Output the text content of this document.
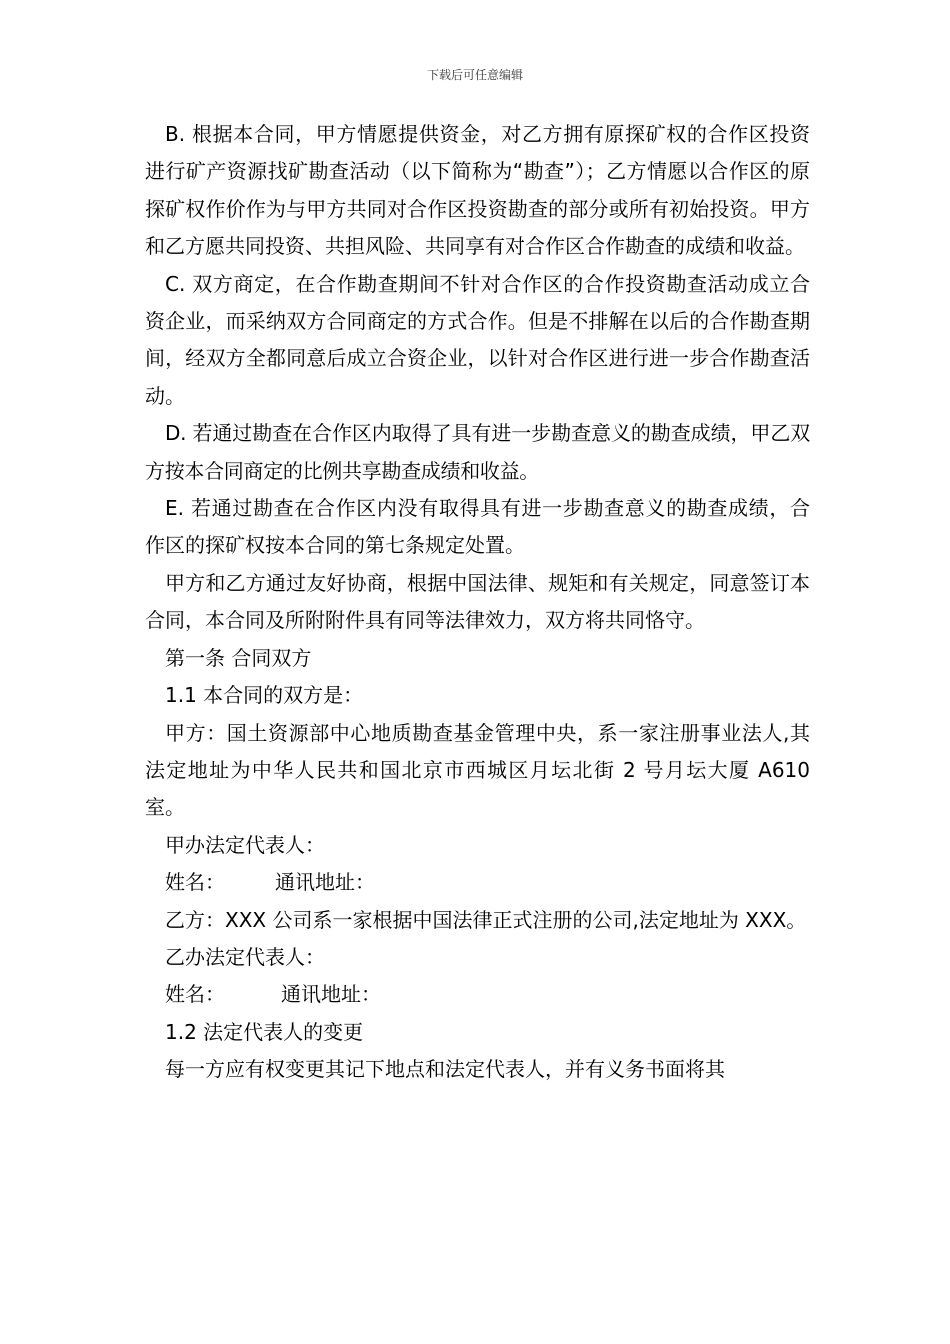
下载后可任意编辑

B. 根据本合同，甲方情愿提供资金，对乙方拥有原探矿权的合作区投资进行矿产资源找矿勘查活动（以下简称为“勘查”）；乙方情愿以合作区的原探矿权作价作为与甲方共同对合作区投资勘查的部分或所有初始投资。甲方和乙方愿共同投资、共担风险、共同享有对合作区合作勘查的成绩和收益。

C. 双方商定，在合作勘查期间不针对合作区的合作投资勘查活动成立合资企业，而采纳双方合同商定的方式合作。但是不排解在以后的合作勘查期间，经双方全都同意后成立合资企业，以针对合作区进行进一步合作勘查活动。

D. 若通过勘查在合作区内取得了具有进一步勘查意义的勘查成绩，甲乙双方按本合同商定的比例共享勘查成绩和收益。

E. 若通过勘查在合作区内没有取得具有进一步勘查意义的勘查成绩，合作区的探矿权按本合同的第七条规定处置。

甲方和乙方通过友好协商，根据中国法律、规矩和有关规定，同意签订本合同，本合同及所附附件具有同等法律效力，双方将共同恪守。

第一条 合同双方

1.1 本合同的双方是：

甲方：国土资源部中心地质勘查基金管理中央，系一家注册事业法人,其法定地址为中华人民共和国北京市西城区月坛北街 2 号月坛大厦 A610 室。

甲办法定代表人：

姓名：	通讯地址：

乙方：XXX 公司系一家根据中国法律正式注册的公司,法定地址为 XXX。

乙办法定代表人：

姓名：	通讯地址：

1.2 法定代表人的变更

每一方应有权变更其记下地点和法定代表人，并有义务书面将其
